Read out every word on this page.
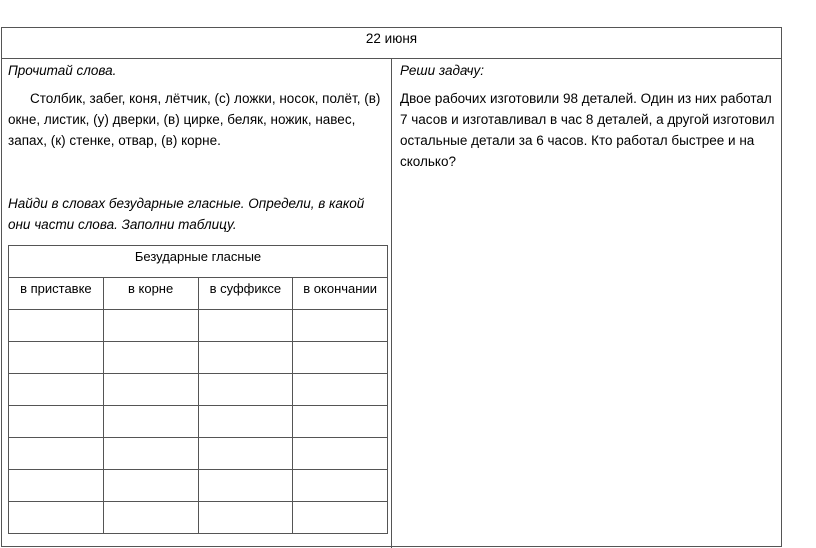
22 июня
Прочитай слова.
Столбик, забег, коня, лётчик, (с) ложки, носок, полёт, (в) окне, листик, (у) дверки, (в) цирке, беляк, ножик, навес, запах, (к) стенке, отвар, (в) корне.
Найди в словах безударные гласные. Определи, в какой они части слова. Заполни таблицу.
Безударные гласные			
в приставке	в корне	в суффиксе	в окончании

Реши задачу:
Двое рабочих изготовили 98 деталей. Один из них работал 7 часов и изготавливал в час 8 деталей, а другой изготовил остальные детали за 6 часов. Кто работал быстрее и на сколько?
